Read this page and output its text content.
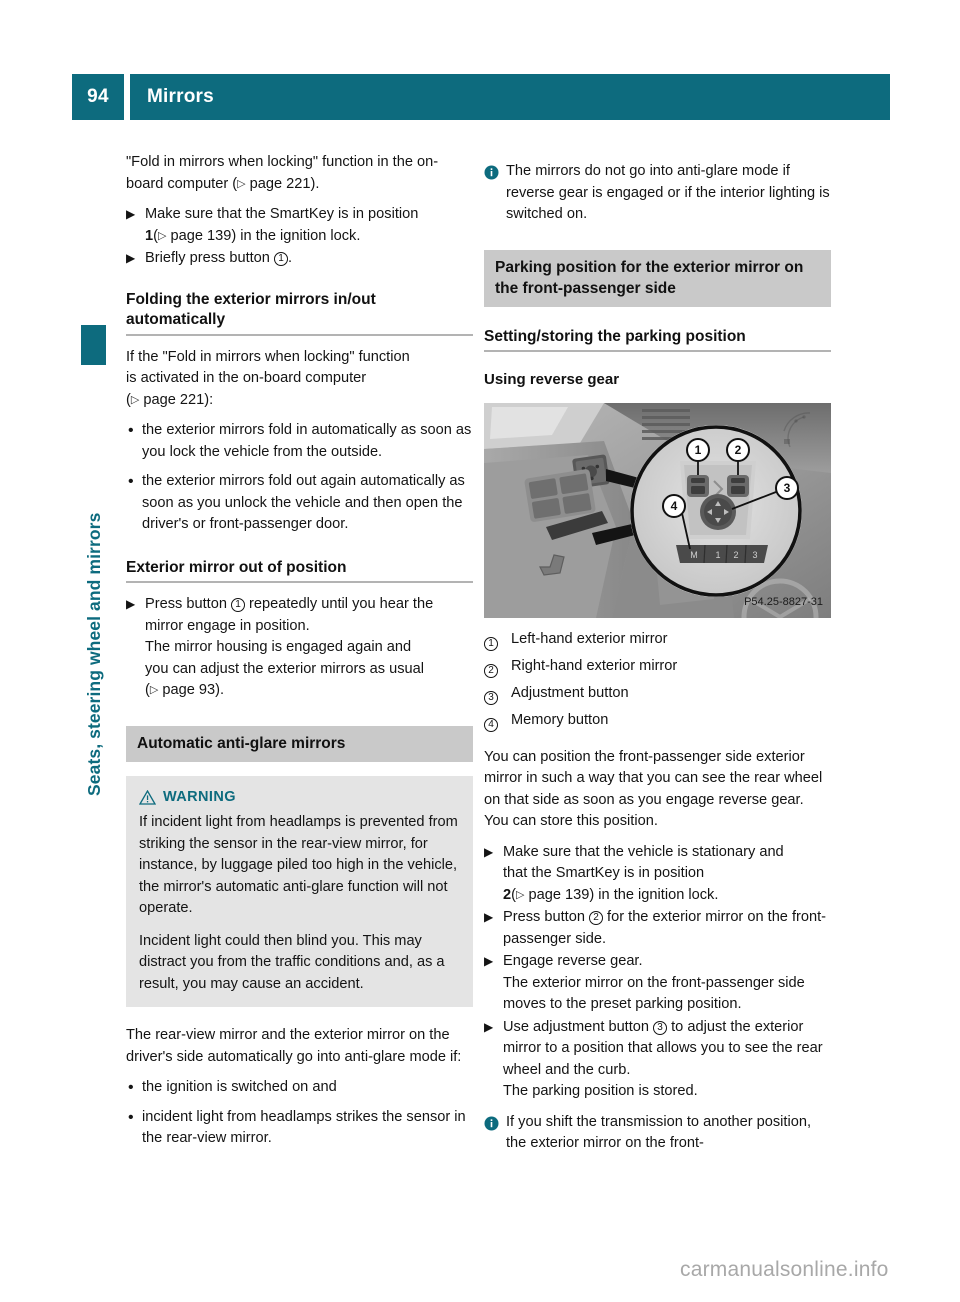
94	Mirrors
Seats, steering wheel and mirrors
"Fold in mirrors when locking" function in the on-board computer (▷ page 221).
▶ Make sure that the SmartKey is in position
1(▷ page 139) in the ignition lock.
▶ Briefly press button 1 .
Folding the exterior mirrors in/out automatically
If the "Fold in mirrors when locking" function
is activated in the on-board computer
(▷ page 221):
• the exterior mirrors fold in automatically as soon as you lock the vehicle from the outside.
• the exterior mirrors fold out again automatically as soon as you unlock the vehicle and then open the driver's or front-passenger door.
Exterior mirror out of position
▶ Press button 1 repeatedly until you hear the mirror engage in position.
The mirror housing is engaged again and
you can adjust the exterior mirrors as usual
(▷ page 93).
Automatic anti-glare mirrors
WARNING

If incident light from headlamps is prevented from striking the sensor in the rear-view mirror, for instance, by luggage piled too high in the vehicle, the mirror's automatic anti-glare function will not operate.

Incident light could then blind you. This may distract you from the traffic conditions and, as a result, you may cause an accident.

The rear-view mirror and the exterior mirror on the driver's side automatically go into anti-glare mode if:
• the ignition is switched on and
• incident light from headlamps strikes the sensor in the rear-view mirror.
The mirrors do not go into anti-glare mode if reverse gear is engaged or if the interior lighting is switched on.
Parking position for the exterior mirror on the front-passenger side
Setting/storing the parking position
Using reverse gear
M 1 2 3
1	2
3
4
P54.25-8827-31
1	Left-hand exterior mirror
2	Right-hand exterior mirror
3	Adjustment button
4	Memory button
You can position the front-passenger side exterior mirror in such a way that you can see the rear wheel on that side as soon as you engage reverse gear. You can store this position.
▶ Make sure that the vehicle is stationary and
that the SmartKey is in position
2(▷ page 139) in the ignition lock.
▶ Press button 2 for the exterior mirror on the front-passenger side.
▶ Engage reverse gear.
The exterior mirror on the front-passenger side moves to the preset parking position.
▶ Use adjustment button 3 to adjust the exterior mirror to a position that allows you to see the rear wheel and the curb.
The parking position is stored.
If you shift the transmission to another position, the exterior mirror on the front-
carmanualsonline.info
